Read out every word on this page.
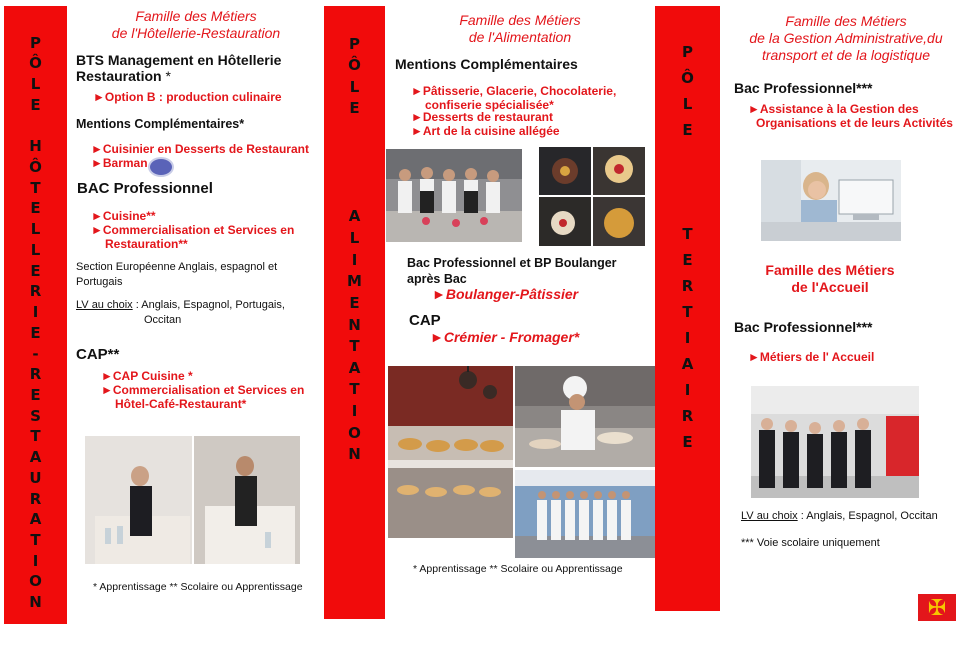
P
Ô
L
E

H
Ô
T
E
L
L
E
R
I
E
-
R
E
S
T
A
U
R
A
T
I
O
N
P
Ô
L
E

A
L
I
M
E
N
T
A
T
I
O
N
P
Ô
L
E

T
E
R
T
I
A
I
R
E
Famille des Métiers
de l'Hôtellerie-Restauration
BTS Management en Hôtellerie
Restauration *
►Option B : production culinaire
Mentions Complémentaires*
►Cuisinier en Desserts de Restaurant
►Barman
BAC Professionnel
►Cuisine**
►Commercialisation et Services en
Restauration**
Section Européenne Anglais, espagnol et
Portugais
LV au choix : Anglais, Espagnol, Portugais,
Occitan
CAP**
►CAP Cuisine *
►Commercialisation et Services en
Hôtel-Café-Restaurant*
* Apprentissage ** Scolaire ou Apprentissage
Famille des Métiers
de l'Alimentation
Mentions Complémentaires
►Pâtisserie, Glacerie, Chocolaterie,
confiserie spécialisée*
►Desserts de restaurant
►Art de la cuisine allégée
Bac Professionnel et BP Boulanger
après Bac
►Boulanger-Pâtissier
CAP
►Crémier - Fromager*
* Apprentissage ** Scolaire ou Apprentissage
Famille des Métiers
de la Gestion Administrative,du
transport et de la logistique
Bac Professionnel***
►Assistance à la Gestion des
Organisations et de leurs Activités
Famille des Métiers
de l'Accueil
Bac Professionnel***
►Métiers de l' Accueil
LV au choix : Anglais, Espagnol, Occitan
*** Voie scolaire uniquement
✠
